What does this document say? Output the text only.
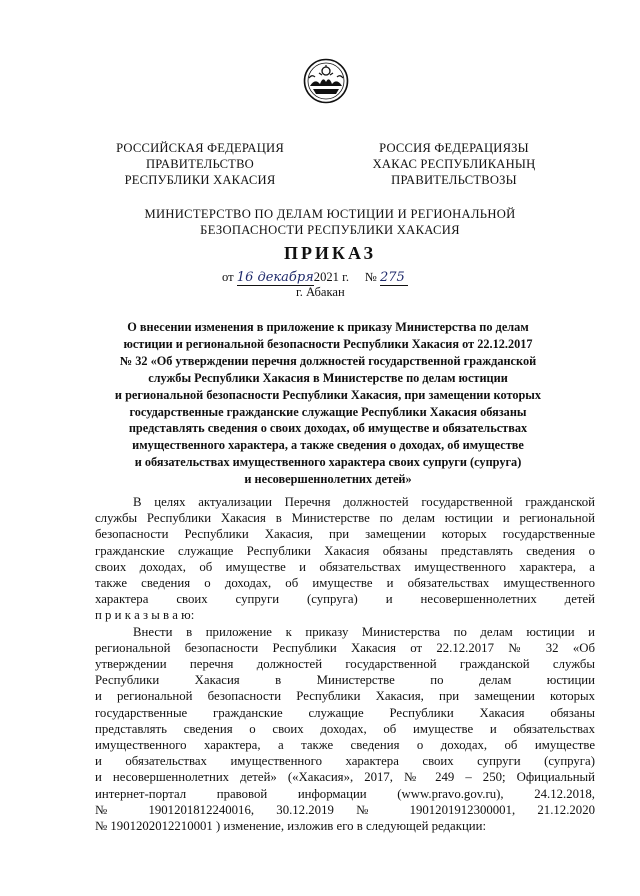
РОССИЙСКАЯ ФЕДЕРАЦИЯ
ПРАВИТЕЛЬСТВО
РЕСПУБЛИКИ ХАКАСИЯ
РОССИЯ ФЕДЕРАЦИЯЗЫ
ХАКАС РЕСПУБЛИКАНЫҢ
ПРАВИТЕЛЬСТВОЗЫ
МИНИСТЕРСТВО ПО ДЕЛАМ ЮСТИЦИИ И РЕГИОНАЛЬНОЙ
БЕЗОПАСНОСТИ РЕСПУБЛИКИ ХАКАСИЯ
ПРИКАЗ
от 16 декабря2021 г. № 275
г. Абакан
О внесении изменения в приложение к приказу Министерства по делам
юстиции и региональной безопасности Республики Хакасия от 22.12.2017
№ 32 «Об утверждении перечня должностей государственной гражданской
службы Республики Хакасия в Министерстве по делам юстиции
и региональной безопасности Республики Хакасия, при замещении которых
государственные гражданские служащие Республики Хакасия обязаны
представлять сведения о своих доходах, об имуществе и обязательствах
имущественного характера, а также сведения о доходах, об имуществе
и обязательствах имущественного характера своих супруги (супруга)
и несовершеннолетних детей»
В целях актуализации Перечня должностей государственной гражданской
службы Республики Хакасия в Министерстве по делам юстиции и региональной
безопасности Республики Хакасия, при замещении которых государственные
гражданские служащие Республики Хакасия обязаны представлять сведения о
своих доходах, об имуществе и обязательствах имущественного характера, а
также сведения о доходах, об имуществе и обязательствах имущественного
характера своих супруги (супруга) и несовершеннолетних детей
п р и к а з ы в а ю:
Внести в приложение к приказу Министерства по делам юстиции и
региональной безопасности Республики Хакасия от 22.12.2017 № 32 «Об
утверждении перечня должностей государственной гражданской службы
Республики Хакасия в Министерстве по делам юстиции
и региональной безопасности Республики Хакасия, при замещении которых
государственные гражданские служащие Республики Хакасия обязаны
представлять сведения о своих доходах, об имуществе и обязательствах
имущественного характера, а также сведения о доходах, об имуществе
и обязательствах имущественного характера своих супруги (супруга)
и несовершеннолетних детей» («Хакасия», 2017, № 249 – 250; Официальный
интернет-портал правовой информации (www.pravo.gov.ru), 24.12.2018,
№ 1901201812240016, 30.12.2019 № 1901201912300001, 21.12.2020
№ 1901202012210001 ) изменение, изложив его в следующей редакции:
